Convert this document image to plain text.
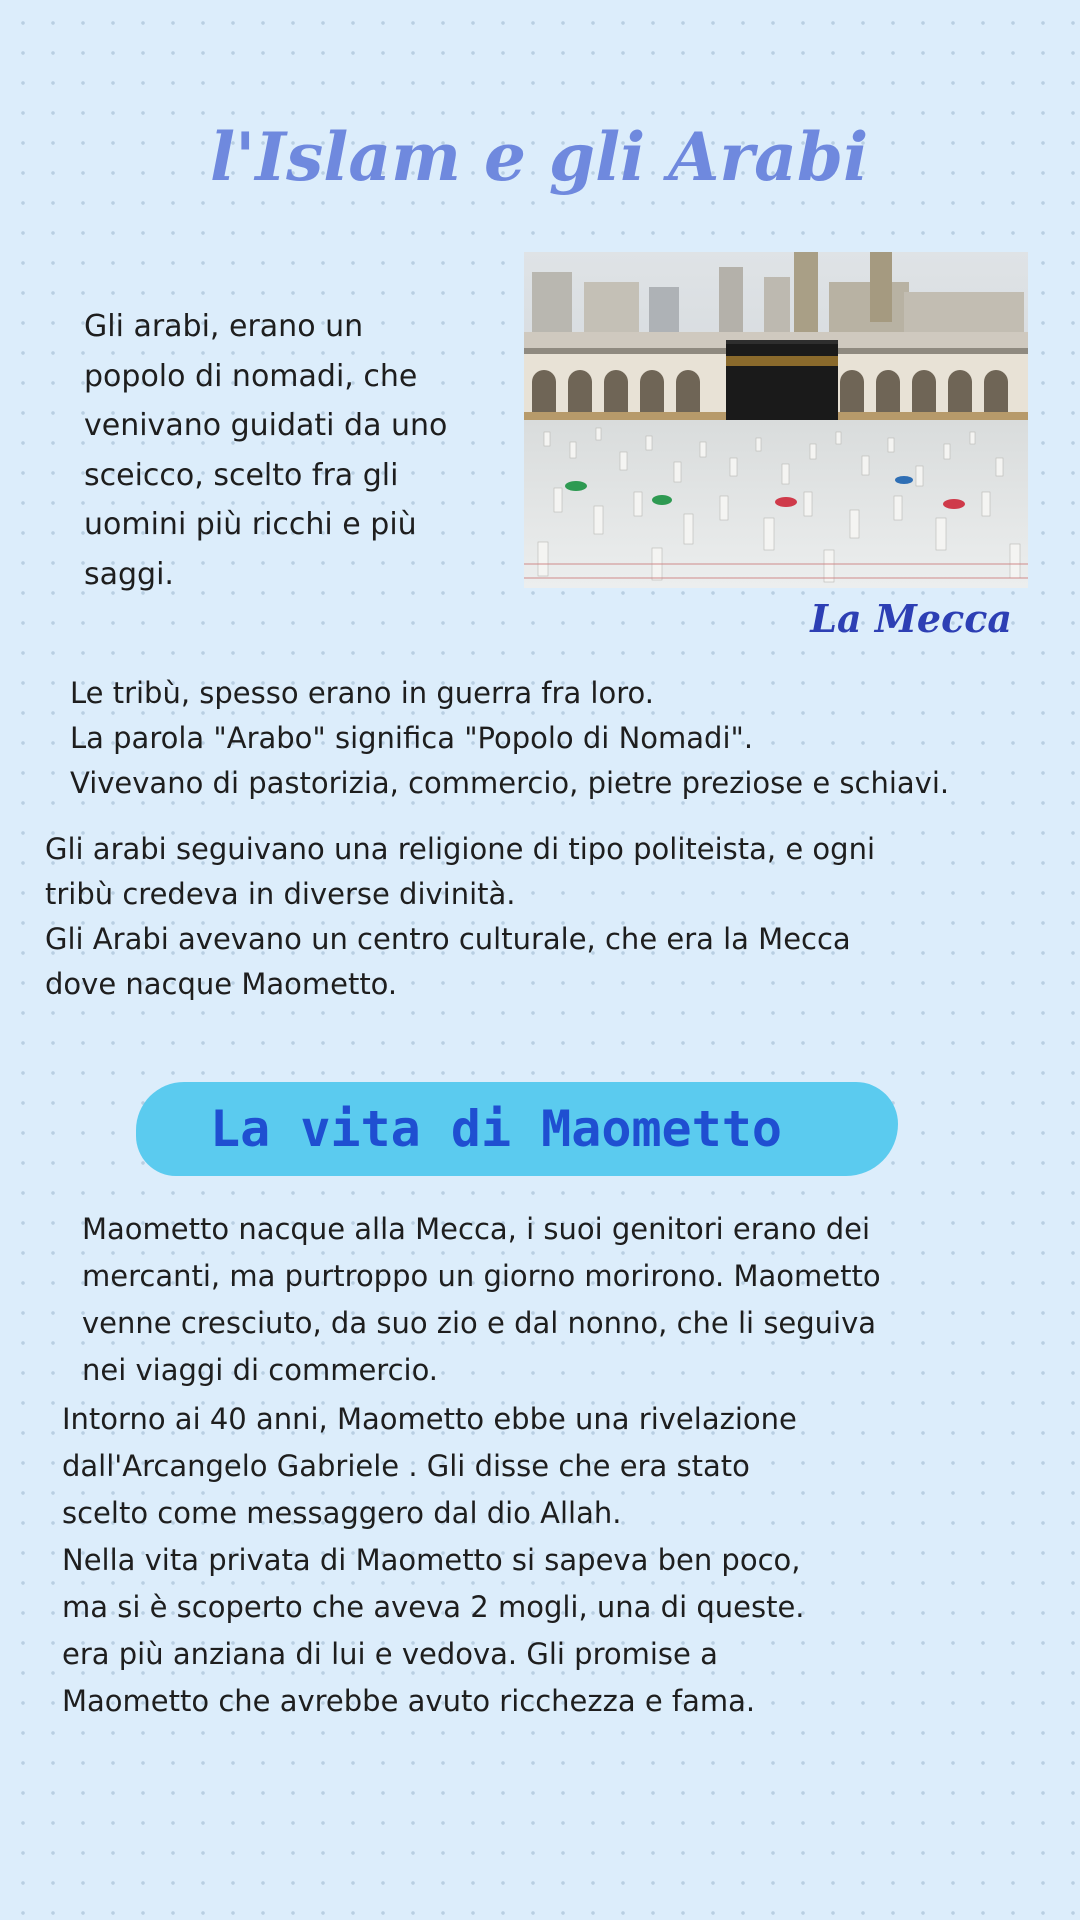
l'Islam e gli Arabi
La Mecca
Gli arabi, erano un
popolo di nomadi, che
venivano guidati da uno
sceicco, scelto fra gli
uomini più ricchi e più
saggi.
Le tribù, spesso erano in guerra fra loro.
La parola "Arabo" significa "Popolo di Nomadi".
Vivevano di pastorizia, commercio, pietre preziose e schiavi.
Gli arabi seguivano una religione di tipo politeista, e ogni
tribù credeva in diverse divinità.
Gli Arabi avevano un centro culturale, che era la Mecca
dove nacque Maometto.
La vita di Maometto
Maometto nacque alla Mecca, i suoi genitori erano dei
mercanti, ma purtroppo un giorno morirono. Maometto
venne cresciuto, da suo zio e dal nonno, che li seguiva
nei viaggi di commercio.
Intorno ai 40 anni, Maometto ebbe una rivelazione
dall'Arcangelo Gabriele . Gli disse che era stato
scelto come messaggero dal dio Allah.
Nella vita privata di Maometto si sapeva ben poco,
ma si è scoperto che aveva 2 mogli, una di queste.
era più anziana di lui e vedova. Gli promise a
Maometto che avrebbe avuto ricchezza e fama.
